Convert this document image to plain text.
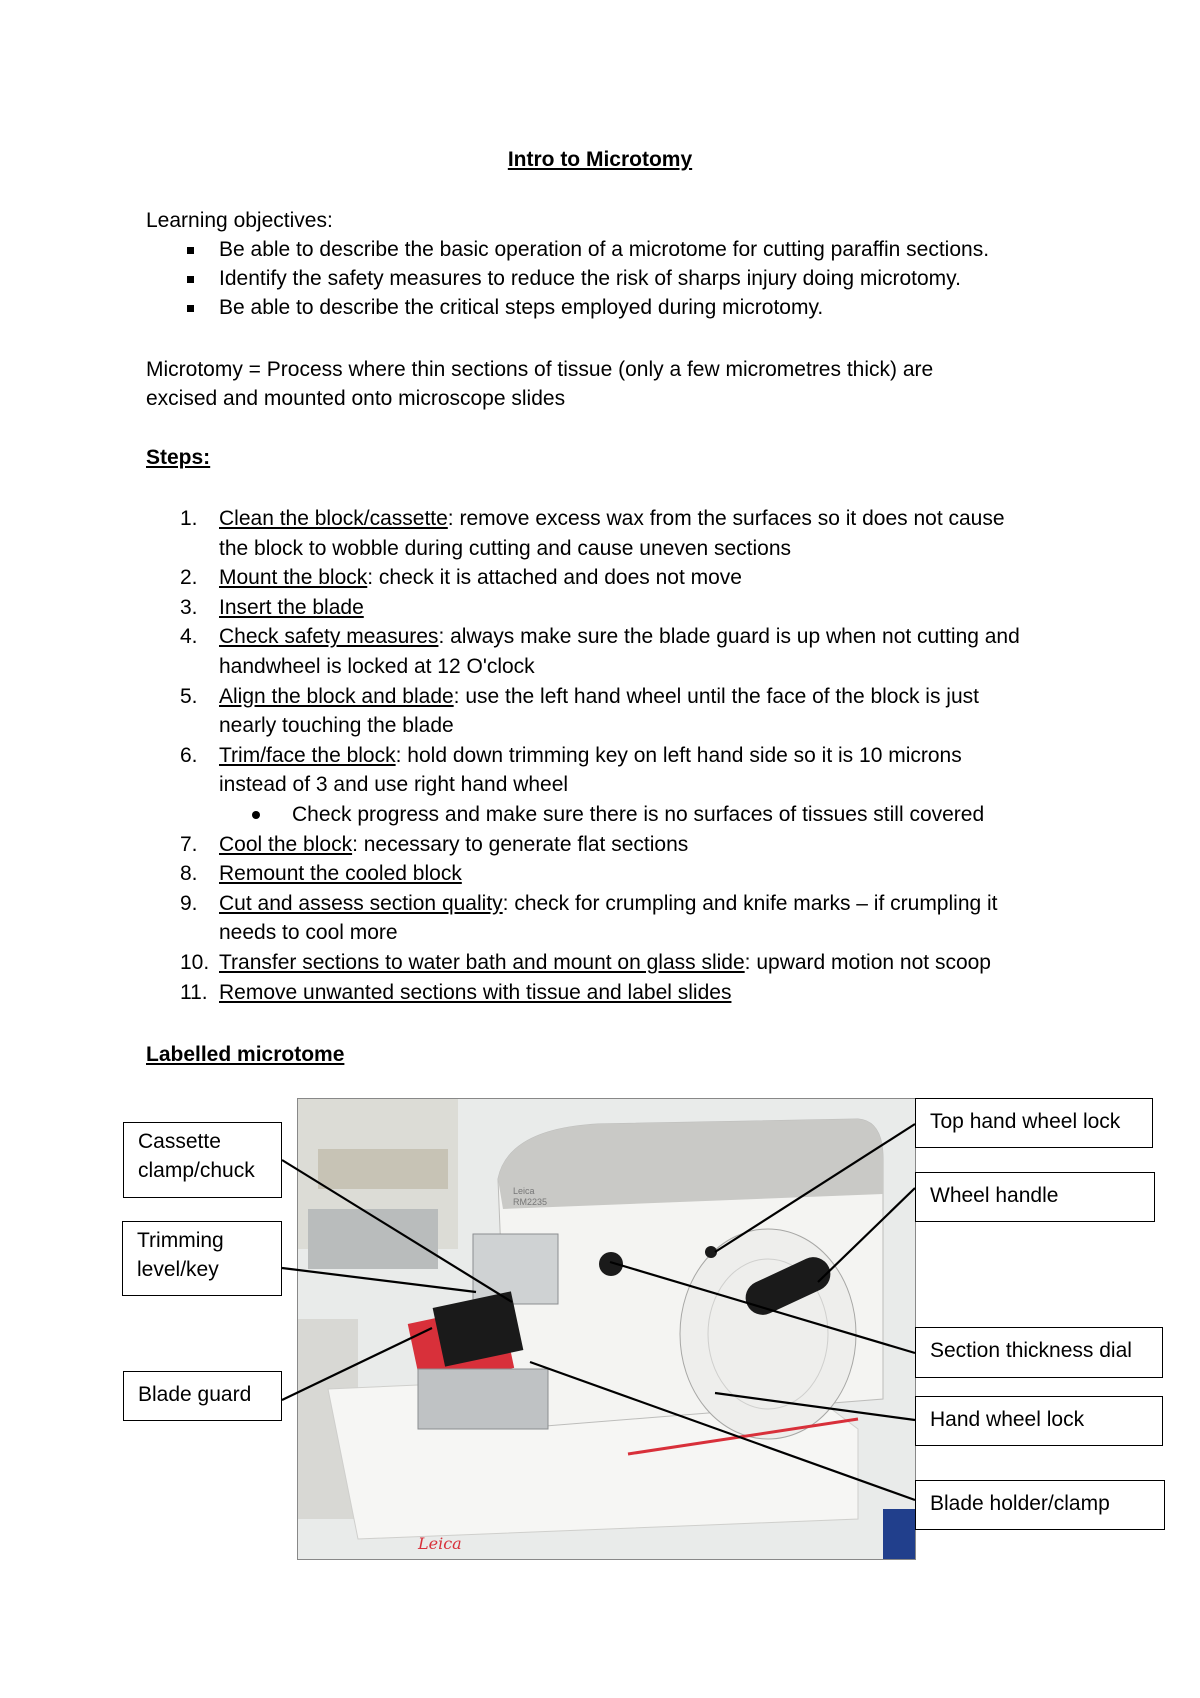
Intro to Microtomy
Learning objectives:
Be able to describe the basic operation of a microtome for cutting paraffin sections.
Identify the safety measures to reduce the risk of sharps injury doing microtomy.
Be able to describe the critical steps employed during microtomy.
Microtomy = Process where thin sections of tissue (only a few micrometres thick) are
excised and mounted onto microscope slides
Steps:
1. Clean the block/cassette: remove excess wax from the surfaces so it does not cause
the block to wobble during cutting and cause uneven sections
2. Mount the block: check it is attached and does not move
3. Insert the blade
4. Check safety measures: always make sure the blade guard is up when not cutting and
handwheel is locked at 12 O'clock
5. Align the block and blade: use the left hand wheel until the face of the block is just
nearly touching the blade
6. Trim/face the block: hold down trimming key on left hand side so it is 10 microns
instead of 3 and use right hand wheel
Check progress and make sure there is no surfaces of tissues still covered
7. Cool the block: necessary to generate flat sections
8. Remount the cooled block
9. Cut and assess section quality: check for crumpling and knife marks – if crumpling it
needs to cool more
10. Transfer sections to water bath and mount on glass slide: upward motion not scoop
11. Remove unwanted sections with tissue and label slides
Labelled microtome
Leica
Leica
RM2235
Cassette
clamp/chuck
Trimming
level/key
Blade guard
Top hand wheel lock
Wheel handle
Section thickness dial
Hand wheel lock
Blade holder/clamp
